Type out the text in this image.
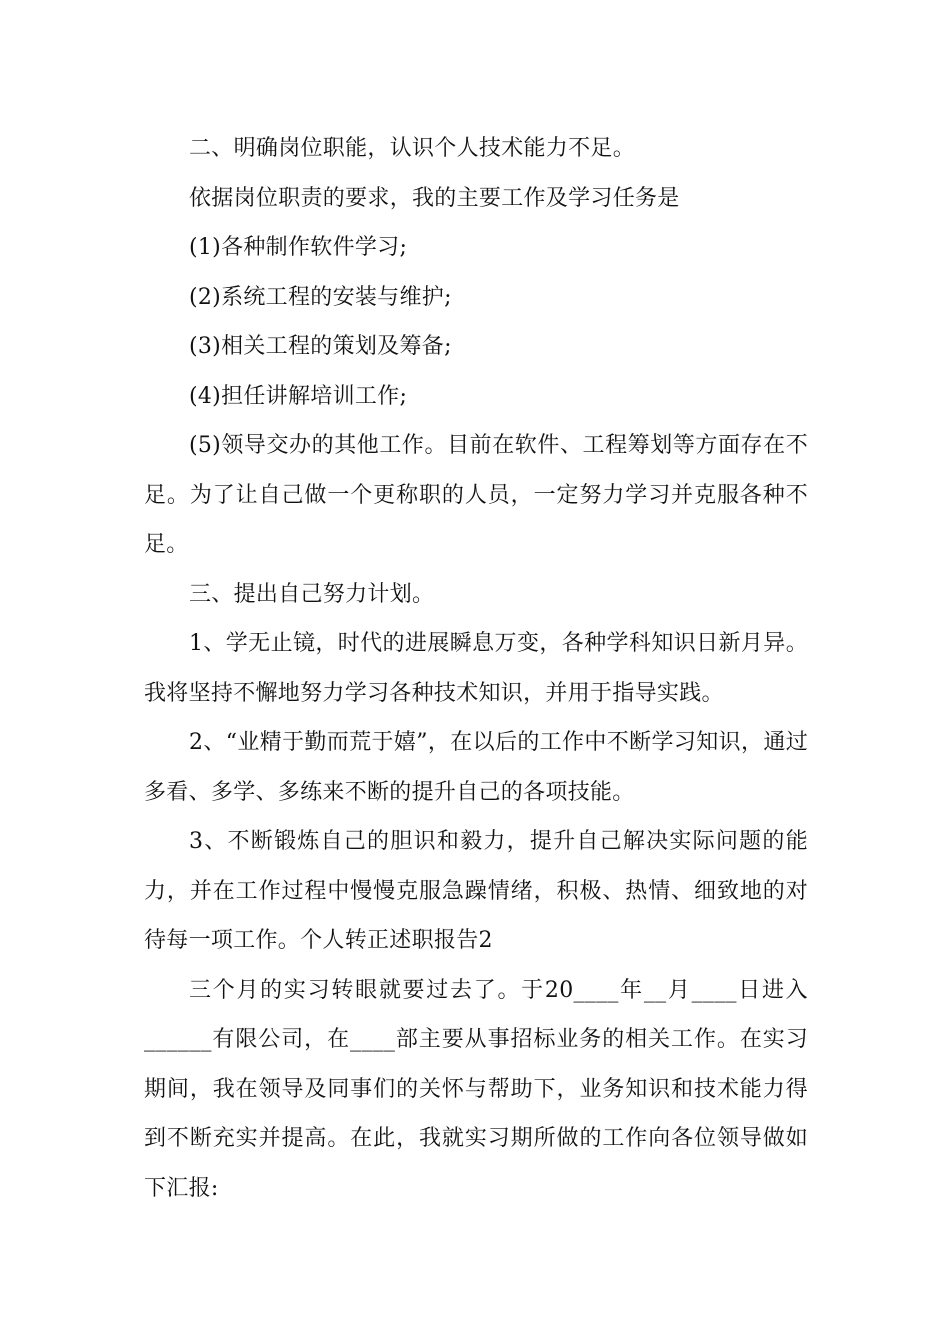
二、明确岗位职能，认识个人技术能力不足。

依据岗位职责的要求，我的主要工作及学习任务是

(1)各种制作软件学习;

(2)系统工程的安装与维护;

(3)相关工程的策划及筹备;

(4)担任讲解培训工作;

(5)领导交办的其他工作。目前在软件、工程筹划等方面存在不足。为了让自己做一个更称职的人员，一定努力学习并克服各种不足。

三、提出自己努力计划。

1、学无止镜，时代的进展瞬息万变，各种学科知识日新月异。我将坚持不懈地努力学习各种技术知识，并用于指导实践。

2、“业精于勤而荒于嬉”，在以后的工作中不断学习知识，通过多看、多学、多练来不断的提升自己的各项技能。

3、不断锻炼自己的胆识和毅力，提升自己解决实际问题的能力，并在工作过程中慢慢克服急躁情绪，积极、热情、细致地的对待每一项工作。个人转正述职报告2

三个月的实习转眼就要过去了。于20____年__月____日进入______有限公司，在____部主要从事招标业务的相关工作。在实习期间，我在领导及同事们的关怀与帮助下，业务知识和技术能力得到不断充实并提高。在此，我就实习期所做的工作向各位领导做如下汇报:
